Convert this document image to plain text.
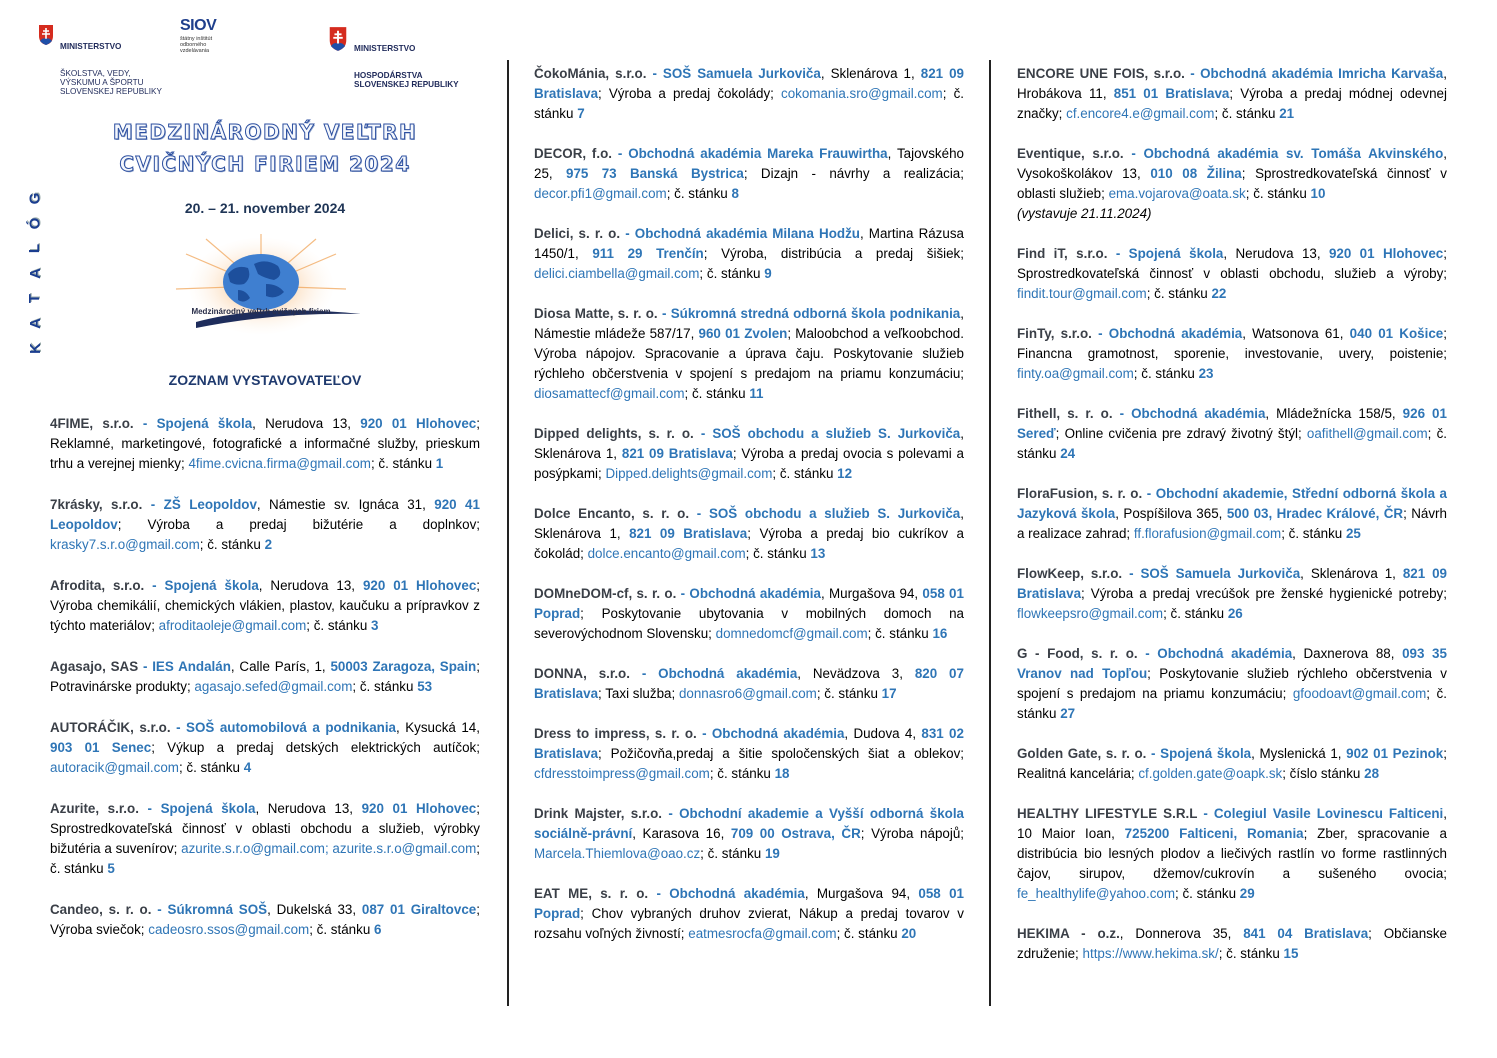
MINISTERSTVO

ŠKOLSTVA, VEDY,
VÝSKUMU A ŠPORTU
SLOVENSKEJ REPUBLIKY

SIOV
štátny inštitút
odborného
vzdelávania

	MINISTERSTVO

HOSPODÁRSTVA
SLOVENSKEJ REPUBLIKY

G
Ó
L
A
T
A
K
MEDZINÁRODNÝ VEĽTRH
CVIČNÝCH FIRIEM 2024
20. – 21. november 2024
Medzinárodný veľtrh cvičných firiem
ZOZNAM VYSTAVOVATEĽOV
4FIME, s.r.o. - Spojená škola, Nerudova 13, 920 01 Hlohovec; Reklamné, marketingové, fotografické a informačné služby, prieskum trhu a verejnej mienky; 4fime.cvicna.firma@gmail.com; č. stánku 1
7krásky, s.r.o. - ZŠ Leopoldov, Námestie sv. Ignáca 31, 920 41 Leopoldov; Výroba a predaj bižutérie a doplnkov; krasky7.s.r.o@gmail.com; č. stánku 2
Afrodita, s.r.o. - Spojená škola, Nerudova 13, 920 01 Hlohovec; Výroba chemikálií, chemických vlákien, plastov, kaučuku a prípravkov z týchto materiálov; afroditaoleje@gmail.com; č. stánku 3
Agasajo, SAS - IES Andalán, Calle París, 1, 50003 Zaragoza, Spain; Potravinárske produkty; agasajo.sefed@gmail.com; č. stánku 53
AUTORÁČIK, s.r.o. - SOŠ automobilová a podnikania, Kysucká 14, 903 01 Senec; Výkup a predaj detských elektrických autíčok; autoracik@gmail.com; č. stánku 4
Azurite, s.r.o. - Spojená škola, Nerudova 13, 920 01 Hlohovec; Sprostredkovateľská činnosť v oblasti obchodu a služieb, výrobky bižutéria a suvenírov; azurite.s.r.o@gmail.com; azurite.s.r.o@gmail.com; č. stánku 5
Candeo, s. r. o. - Súkromná SOŠ, Dukelská 33, 087 01 Giraltovce; Výroba sviečok; cadeosro.ssos@gmail.com; č. stánku 6
ČokoMánia, s.r.o. - SOŠ Samuela Jurkoviča, Sklenárova 1, 821 09 Bratislava; Výroba a predaj čokolády; cokomania.sro@gmail.com; č. stánku 7
DECOR, f.o. - Obchodná akadémia Mareka Frauwirtha, Tajovského 25, 975 73 Banská Bystrica; Dizajn - návrhy a realizácia; decor.pfi1@gmail.com; č. stánku 8
Delici, s. r. o. - Obchodná akadémia Milana Hodžu, Martina Rázusa 1450/1, 911 29 Trenčín; Výroba, distribúcia a predaj šišiek; delici.ciambella@gmail.com; č. stánku 9
Diosa Matte, s. r. o. - Súkromná stredná odborná škola podnikania, Námestie mládeže 587/17, 960 01 Zvolen; Maloobchod a veľkoobchod. Výroba nápojov. Spracovanie a úprava čaju. Poskytovanie služieb rýchleho občerstvenia v spojení s predajom na priamu konzumáciu; diosamattecf@gmail.com; č. stánku 11
Dipped delights, s. r. o. - SOŠ obchodu a služieb S. Jurkoviča, Sklenárova 1, 821 09 Bratislava; Výroba a predaj ovocia s polevami a posýpkami; Dipped.delights@gmail.com; č. stánku 12
Dolce Encanto, s. r. o. - SOŠ obchodu a služieb S. Jurkoviča, Sklenárova 1, 821 09 Bratislava; Výroba a predaj bio cukríkov a čokolád; dolce.encanto@gmail.com; č. stánku 13
DOMneDOM-cf, s. r. o. - Obchodná akadémia, Murgašova 94, 058 01 Poprad; Poskytovanie ubytovania v mobilných domoch na severovýchodnom Slovensku; domnedomcf@gmail.com; č. stánku 16
DONNA, s.r.o. - Obchodná akadémia, Nevädzova 3, 820 07 Bratislava; Taxi služba; donnasro6@gmail.com; č. stánku 17
Dress to impress, s. r. o. - Obchodná akadémia, Dudova 4, 831 02 Bratislava; Požičovňa,predaj a šitie spoločenských šiat a oblekov; cfdresstoimpress@gmail.com; č. stánku 18
Drink Majster, s.r.o. - Obchodní akademie a Vyšší odborná škola sociálně-právní, Karasova 16, 709 00 Ostrava, ČR; Výroba nápojů; Marcela.Thiemlova@oao.cz; č. stánku 19
EAT ME, s. r. o. - Obchodná akadémia, Murgašova 94, 058 01 Poprad; Chov vybraných druhov zvierat, Nákup a predaj tovarov v rozsahu voľných živností; eatmesrocfa@gmail.com; č. stánku 20
ENCORE UNE FOIS, s.r.o. - Obchodná akadémia Imricha Karvaša, Hrobákova 11, 851 01 Bratislava; Výroba a predaj módnej odevnej značky; cf.encore4.e@gmail.com; č. stánku 21
Eventique, s.r.o. - Obchodná akadémia sv. Tomáša Akvinského, Vysokoškolákov 13, 010 08 Žilina; Sprostredkovateľská činnosť v oblasti služieb; ema.vojarova@oata.sk; č. stánku 10
(vystavuje 21.11.2024)
Find iT, s.r.o. - Spojená škola, Nerudova 13, 920 01 Hlohovec; Sprostredkovateľská činnosť v oblasti obchodu, služieb a výroby; findit.tour@gmail.com; č. stánku 22
FinTy, s.r.o. - Obchodná akadémia, Watsonova 61, 040 01 Košice; Financna gramotnost, sporenie, investovanie, uvery, poistenie; finty.oa@gmail.com; č. stánku 23
Fithell, s. r. o. - Obchodná akadémia, Mládežnícka 158/5, 926 01 Sereď; Online cvičenia pre zdravý životný štýl; oafithell@gmail.com; č. stánku 24
FloraFusion, s. r. o. - Obchodní akademie, Střední odborná škola a Jazyková škola, Pospíšilova 365, 500 03, Hradec Králové, ČR; Návrh a realizace zahrad; ff.florafusion@gmail.com; č. stánku 25
FlowKeep, s.r.o. - SOŠ Samuela Jurkoviča, Sklenárova 1, 821 09 Bratislava; Výroba a predaj vrecúšok pre ženské hygienické potreby; flowkeepsro@gmail.com; č. stánku 26
G - Food, s. r. o. - Obchodná akadémia, Daxnerova 88, 093 35 Vranov nad Topľou; Poskytovanie služieb rýchleho občerstvenia v spojení s predajom na priamu konzumáciu; gfoodoavt@gmail.com; č. stánku 27
Golden Gate, s. r. o. - Spojená škola, Myslenická 1, 902 01 Pezinok; Realitná kancelária; cf.golden.gate@oapk.sk; číslo stánku 28
HEALTHY LIFESTYLE S.R.L - Colegiul Vasile Lovinescu Falticeni, 10 Maior Ioan, 725200 Falticeni, Romania; Zber, spracovanie a distribúcia bio lesných plodov a liečivých rastlín vo forme rastlinných čajov, sirupov, džemov/cukrovín a sušeného ovocia; fe_healthylife@yahoo.com; č. stánku 29
HEKIMA - o.z., Donnerova 35, 841 04 Bratislava; Občianske združenie; https://www.hekima.sk/; č. stánku 15
